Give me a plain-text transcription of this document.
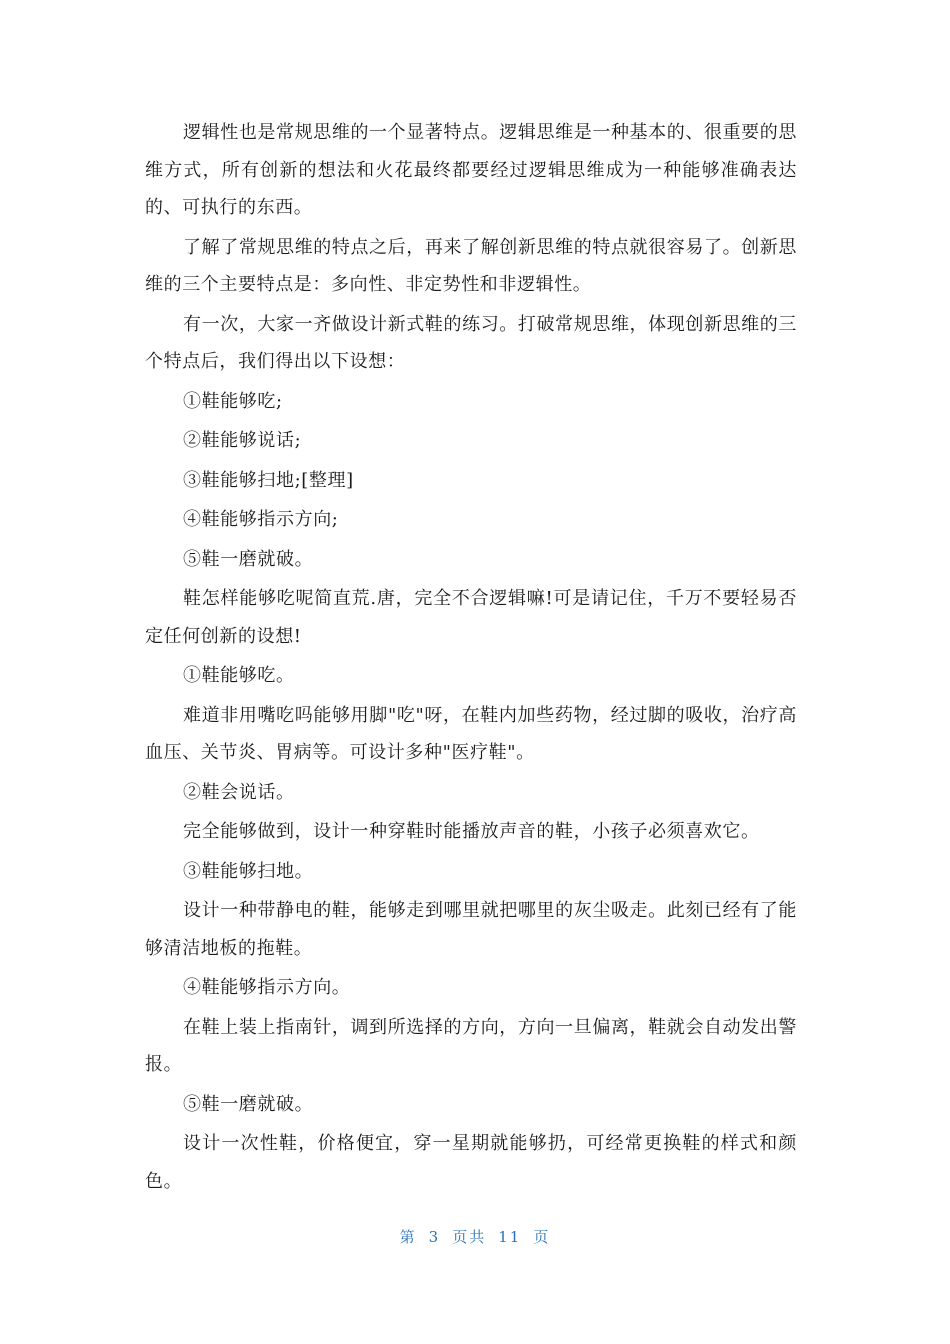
逻辑性也是常规思维的一个显著特点。逻辑思维是一种基本的、很重要的思维方式，所有创新的想法和火花最终都要经过逻辑思维成为一种能够准确表达的、可执行的东西。

了解了常规思维的特点之后，再来了解创新思维的特点就很容易了。创新思维的三个主要特点是：多向性、非定势性和非逻辑性。

有一次，大家一齐做设计新式鞋的练习。打破常规思维，体现创新思维的三个特点后，我们得出以下设想：

①鞋能够吃;

②鞋能够说话;

③鞋能够扫地;[整理]

④鞋能够指示方向;

⑤鞋一磨就破。

鞋怎样能够吃呢简直荒.唐，完全不合逻辑嘛!可是请记住，千万不要轻易否定任何创新的设想!

①鞋能够吃。

难道非用嘴吃吗能够用脚"吃"呀，在鞋内加些药物，经过脚的吸收，治疗高血压、关节炎、胃病等。可设计多种"医疗鞋"。

②鞋会说话。

完全能够做到，设计一种穿鞋时能播放声音的鞋，小孩子必须喜欢它。

③鞋能够扫地。

设计一种带静电的鞋，能够走到哪里就把哪里的灰尘吸走。此刻已经有了能够清洁地板的拖鞋。

④鞋能够指示方向。

在鞋上装上指南针，调到所选择的方向，方向一旦偏离，鞋就会自动发出警报。

⑤鞋一磨就破。

设计一次性鞋，价格便宜，穿一星期就能够扔，可经常更换鞋的样式和颜色。

第 3 页共 11 页
